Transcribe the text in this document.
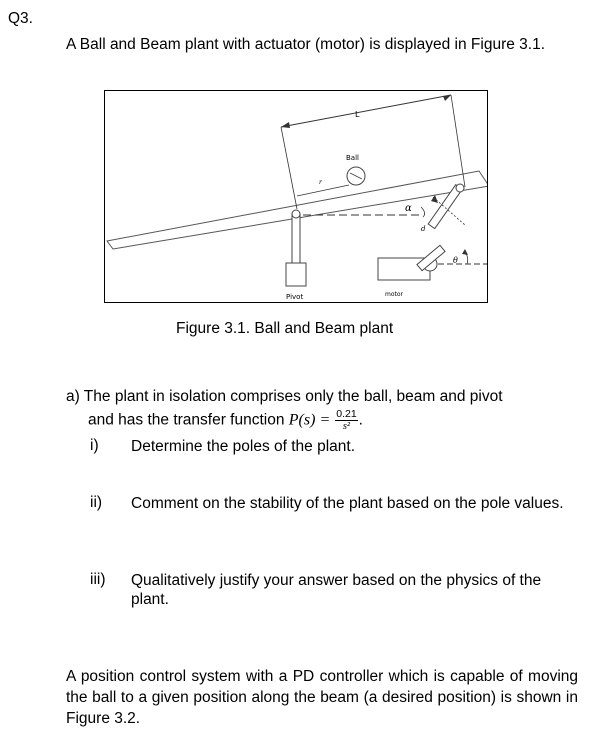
Q3.
A Ball and Beam plant with actuator (motor) is displayed in Figure 3.1.
L
Ball
r
α
Pivot
d
θ
motor
Figure 3.1. Ball and Beam plant
a) The plant in isolation comprises only the ball, beam and pivot
and has the transfer function $P(s) = \frac{0.21}{\text{s²}}$ .
i) Determine the poles of the plant.
ii) Comment on the stability of the plant based on the pole values.
iii) Qualitatively justify your answer based on the physics of the plant.
A position control system with a PD controller which is capable of moving the ball to a given position along the beam (a desired position) is shown in Figure 3.2.
